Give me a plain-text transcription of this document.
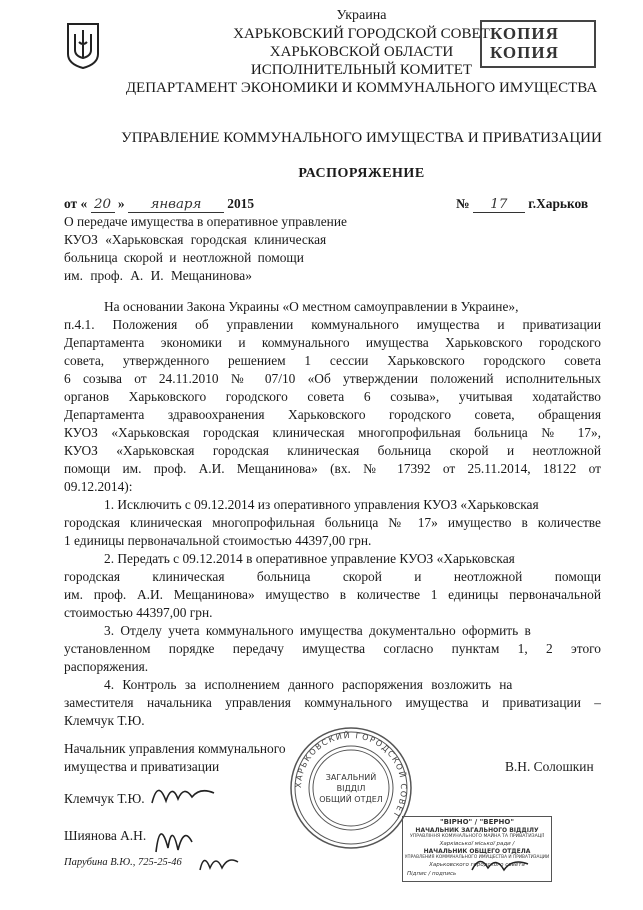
КОПИЯ
КОПИЯ
Украина
ХАРЬКОВСКИЙ ГОРОДСКОЙ СОВЕТ
ХАРЬКОВСКОЙ ОБЛАСТИ
ИСПОЛНИТЕЛЬНЫЙ КОМИТЕТ
ДЕПАРТАМЕНТ ЭКОНОМИКИ И КОММУНАЛЬНОГО ИМУЩЕСТВА
УПРАВЛЕНИЕ КОММУНАЛЬНОГО ИМУЩЕСТВА И ПРИВАТИЗАЦИИ
РАСПОРЯЖЕНИЕ
от « 20 » января 2015	№ 17 г.Харьков
О передаче имущества в оперативное управление
КУОЗ «Харьковская городская клиническая
больница скорой и неотложной помощи
им. проф. А. И. Мещанинова»
На основании Закона Украины «О местном самоуправлении в Украине»,
п.4.1. Положения об управлении коммунального имущества и приватизации
Департамента экономики и коммунального имущества Харьковского городского
совета, утвержденного решением 1 сессии Харьковского городского совета
6 созыва от 24.11.2010 № 07/10 «Об утверждении положений исполнительных
органов Харьковского городского совета 6 созыва», учитывая ходатайство
Департамента здравоохранения Харьковского городского совета, обращения
КУОЗ «Харьковская городская клиническая многопрофильная больница № 17»,
КУОЗ «Харьковская городская клиническая больница скорой и неотложной
помощи им. проф. А.И. Мещанинова» (вх. № 17392 от 25.11.2014, 18122 от
09.12.2014):
1. Исключить с 09.12.2014 из оперативного управления КУОЗ «Харьковская
городская клиническая многопрофильная больница № 17» имущество в количестве
1 единицы первоначальной стоимостью 44397,00 грн.
2. Передать с 09.12.2014 в оперативное управление КУОЗ «Харьковская
городская клиническая больница скорой и неотложной помощи
им. проф. А.И. Мещанинова» имуществo в количестве 1 единицы первоначальной
стоимостью 44397,00 грн.
3. Отделу учета коммунального имущества документально оформить в
установленном порядке передачу имущества согласно пунктам 1, 2 этого
распоряжения.
4. Контроль за исполнением данного распоряжения возложить на
заместителя начальника управления коммунального имущества и приватизации –
Клемчук Т.Ю.
Начальник управления коммунального
имущества и приватизации	В.Н. Солошкин
ХАРЬКОВСКИЙ ГОРОДСКОЙ СОВЕТ
ЗАГАЛЬНИЙ
ВІДДІЛ
ОБЩИЙ ОТДЕЛ
Клемчук Т.Ю.
Шиянова А.Н.
Парубина В.Ю., 725-25-46
"ВІРНО" / "ВЕРНО"
НАЧАЛЬНИК ЗАГАЛЬНОГО ВІДДІЛУ
УПРАВЛІННЯ КОМУНАЛЬНОГО МАЙНА ТА ПРИВАТИЗАЦІЇ
Харківської міської ради /
НАЧАЛЬНИК ОБЩЕГО ОТДЕЛА
УПРАВЛЕНИЯ КОММУНАЛЬНОГО ИМУЩЕСТВА И ПРИВАТИЗАЦИИ
Харьковского городского совета
Підпис / подпись
